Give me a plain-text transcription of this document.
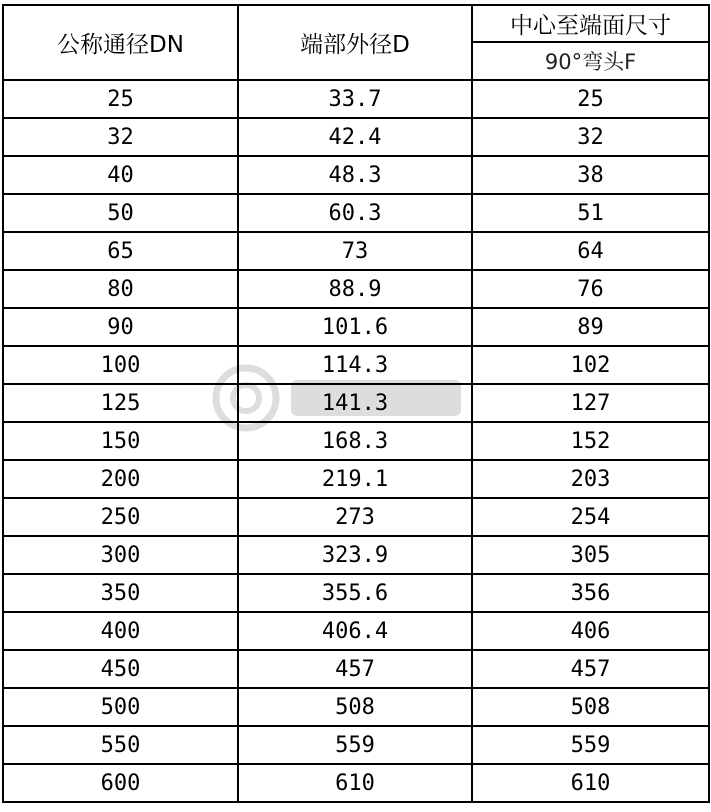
公称通径DN	端部外径D	中心至端面尺寸
		90°弯头F
25	33.7	25
32	42.4	32
40	48.3	38
50	60.3	51
65	73	64
80	88.9	76
90	101.6	89
100	114.3	102
125	141.3	127
150	168.3	152
200	219.1	203
250	273	254
300	323.9	305
350	355.6	356
400	406.4	406
450	457	457
500	508	508
550	559	559
600	610	610
